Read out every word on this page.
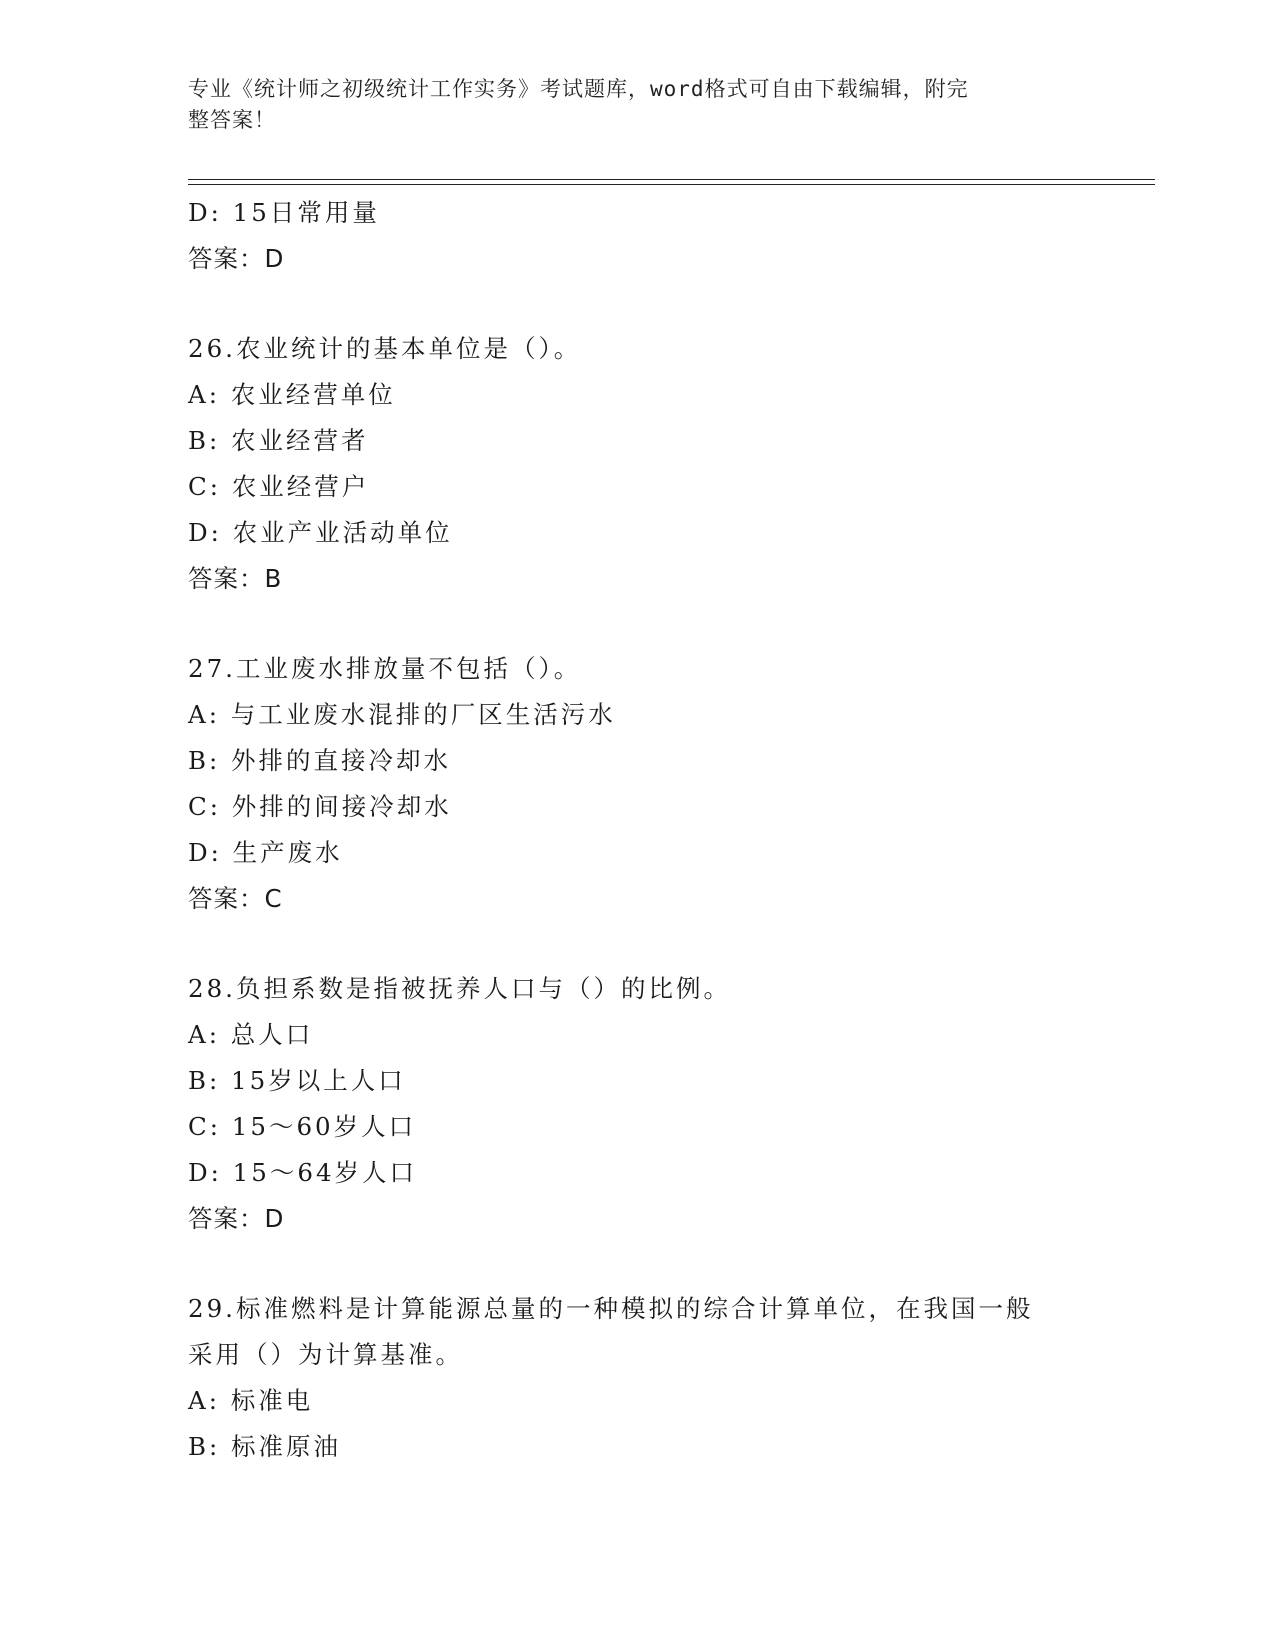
专业《统计师之初级统计工作实务》考试题库，word格式可自由下载编辑，附完
整答案！
D: 15日常用量
答案：D
26.农业统计的基本单位是（）。
A: 农业经营单位
B: 农业经营者
C: 农业经营户
D: 农业产业活动单位
答案：B
27.工业废水排放量不包括（）。
A: 与工业废水混排的厂区生活污水
B: 外排的直接冷却水
C: 外排的间接冷却水
D: 生产废水
答案：C
28.负担系数是指被抚养人口与（）的比例。
A: 总人口
B: 15岁以上人口
C: 15～60岁人口
D: 15～64岁人口
答案：D
29.标准燃料是计算能源总量的一种模拟的综合计算单位，在我国一般
采用（）为计算基准。
A: 标准电
B: 标准原油
